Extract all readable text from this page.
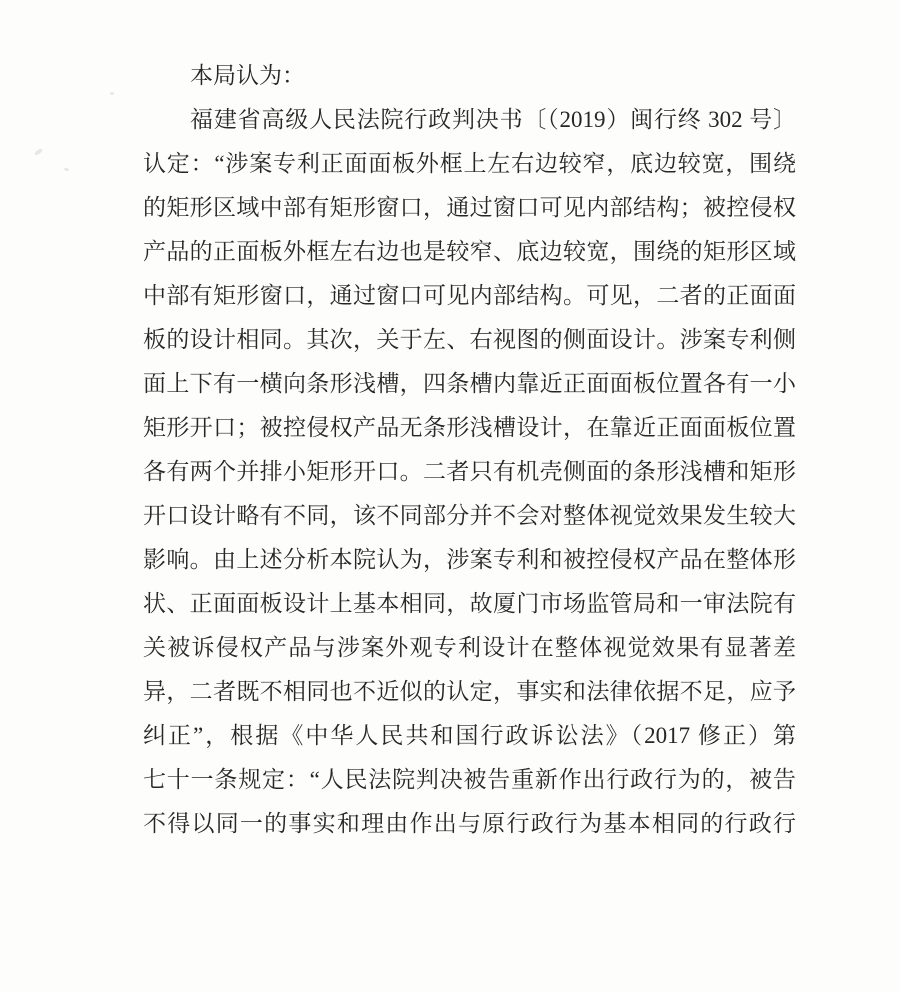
本局认为：
福建省高级人民法院行政判决书〔（2019）闽行终 302 号〕
认定：“涉案专利正面面板外框上左右边较窄，底边较宽，围绕
的矩形区域中部有矩形窗口，通过窗口可见内部结构；被控侵权
产品的正面板外框左右边也是较窄、底边较宽，围绕的矩形区域
中部有矩形窗口，通过窗口可见内部结构。可见，二者的正面面
板的设计相同。其次，关于左、右视图的侧面设计。涉案专利侧
面上下有一横向条形浅槽，四条槽内靠近正面面板位置各有一小
矩形开口；被控侵权产品无条形浅槽设计，在靠近正面面板位置
各有两个并排小矩形开口。二者只有机壳侧面的条形浅槽和矩形
开口设计略有不同，该不同部分并不会对整体视觉效果发生较大
影响。由上述分析本院认为，涉案专利和被控侵权产品在整体形
状、正面面板设计上基本相同，故厦门市场监管局和一审法院有
关被诉侵权产品与涉案外观专利设计在整体视觉效果有显著差
异，二者既不相同也不近似的认定，事实和法律依据不足，应予
纠正”，根据《中华人民共和国行政诉讼法》（2017 修正）第
七十一条规定：“人民法院判决被告重新作出行政行为的，被告
不得以同一的事实和理由作出与原行政行为基本相同的行政行
